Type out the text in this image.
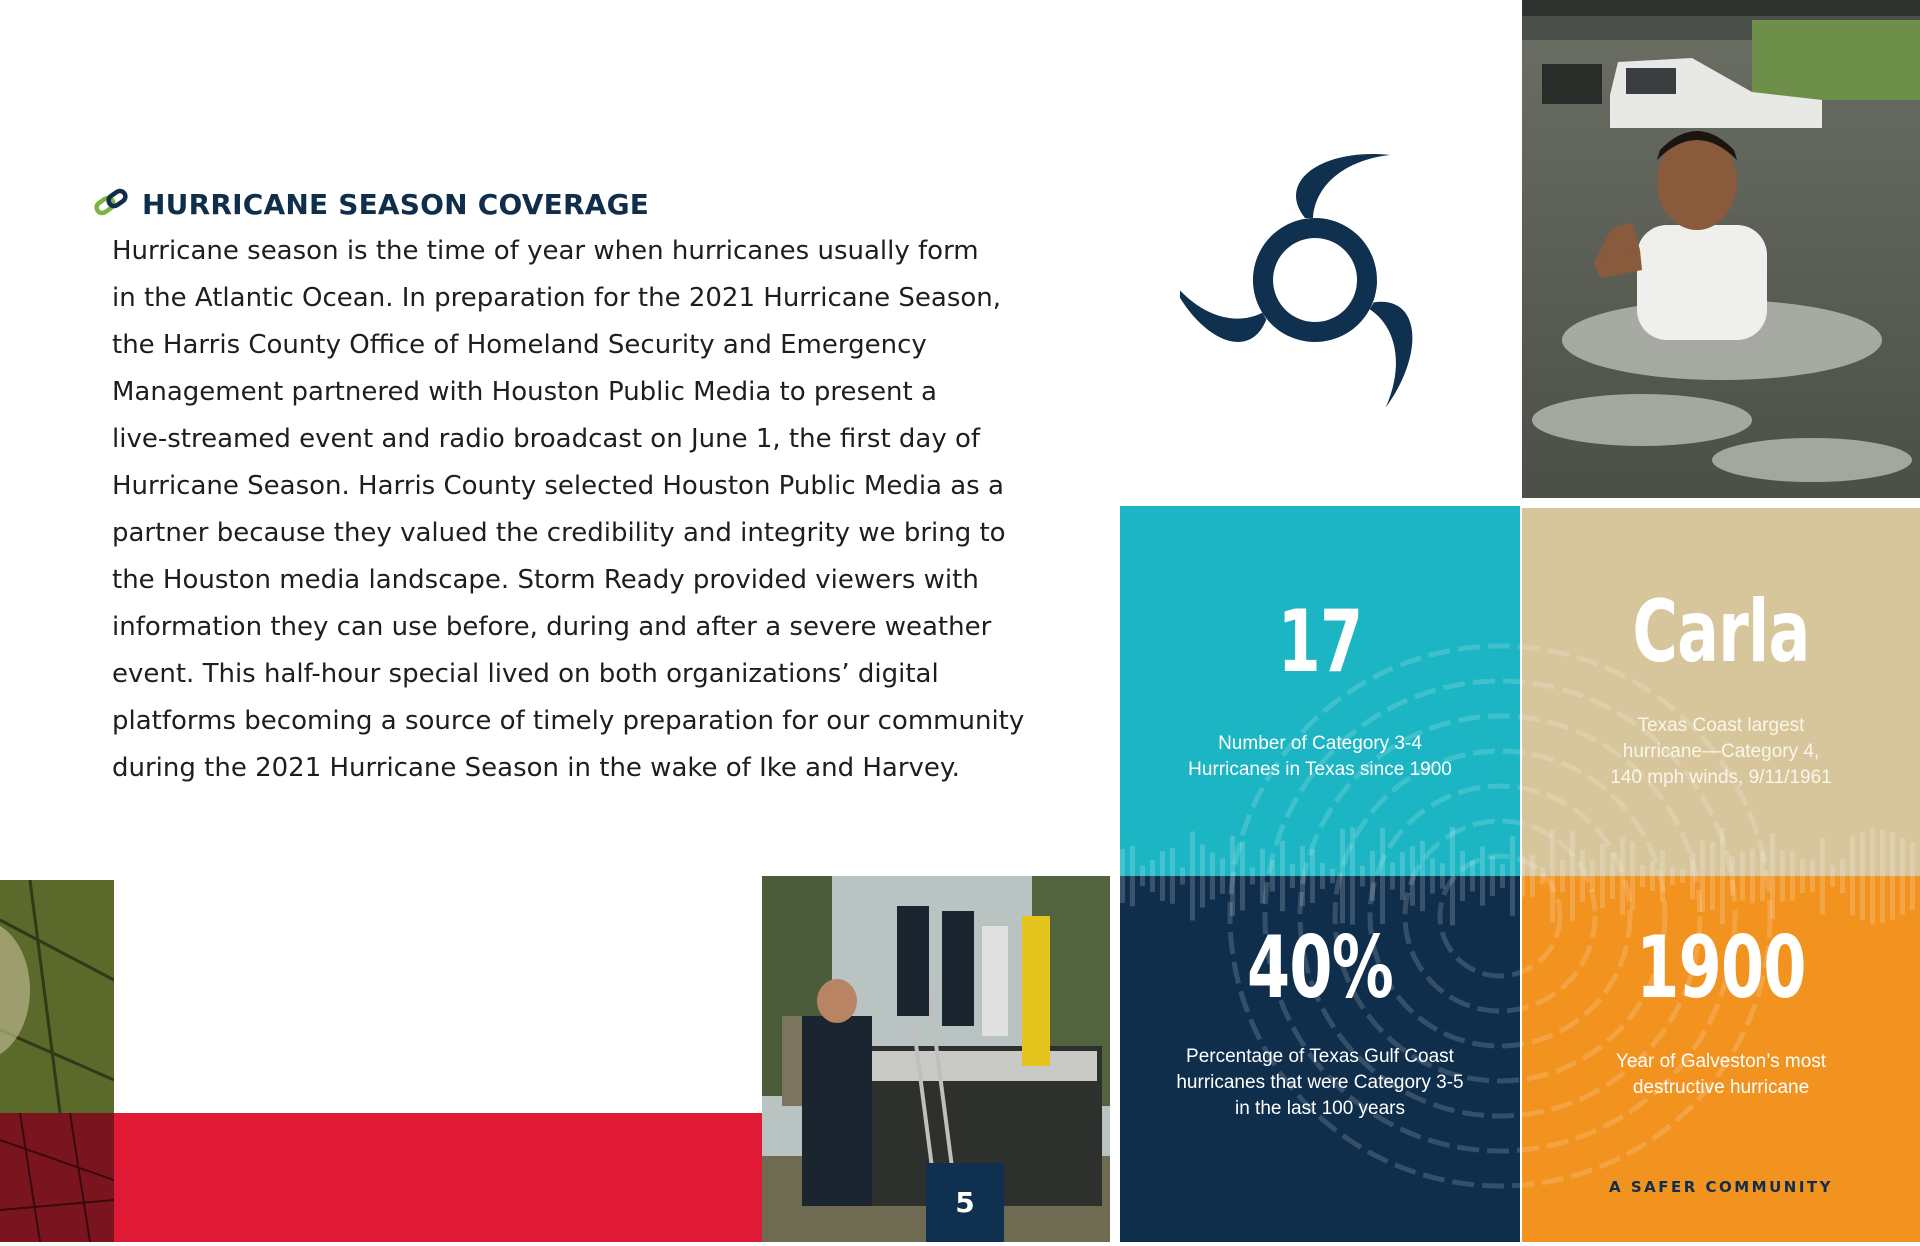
HURRICANE SEASON COVERAGE
Hurricane season is the time of year when hurricanes usually form
in the Atlantic Ocean. In preparation for the 2021 Hurricane Season,
the Harris County Office of Homeland Security and Emergency
Management partnered with Houston Public Media to present a
live-streamed event and radio broadcast on June 1, the first day of
Hurricane Season. Harris County selected Houston Public Media as a
partner because they valued the credibility and integrity we bring to
the Houston media landscape. Storm Ready provided viewers with
information they can use before, during and after a severe weather
event. This half-hour special lived on both organizations’ digital
platforms becoming a source of timely preparation for our community
during the 2021 Hurricane Season in the wake of Ike and Harvey.
5
17
Number of Category 3-4
Hurricanes in Texas since 1900
Carla
Texas Coast largest
hurricane—Category 4,
140 mph winds, 9/11/1961
40%
Percentage of Texas Gulf Coast
hurricanes that were Category 3-5
in the last 100 years
1900
Year of Galveston’s most
destructive hurricane
A SAFER COMMUNITY
